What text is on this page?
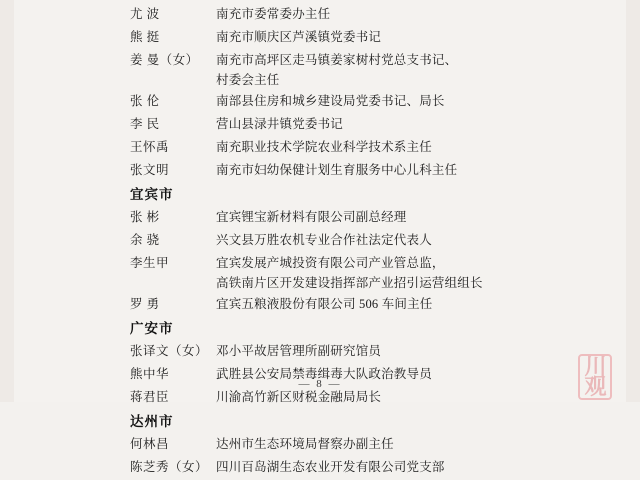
尤 波	南充市委常委办主任
熊 挺	南充市顺庆区芦溪镇党委书记
姜 曼（女）	南充市高坪区走马镇姜家树村党总支书记、
村委会主任
张 伦	南部县住房和城乡建设局党委书记、局长
李 民	营山县渌井镇党委书记
王怀禹	南充职业技术学院农业科学技术系主任
张文明	南充市妇幼保健计划生育服务中心儿科主任
宜宾市
张 彬	宜宾锂宝新材料有限公司副总经理
余 骁	兴文县万胜农机专业合作社法定代表人
李生甲	宜宾发展产城投资有限公司产业管总监，
高铁南片区开发建设指挥部产业招引运营组组长
罗 勇	宜宾五粮液股份有限公司 506 车间主任
广安市
张译文（女） 邓小平故居管理所副研究馆员
熊中华	武胜县公安局禁毒缉毒大队政治教导员
蒋君臣	川渝高竹新区财税金融局局长
达州市
何林昌	达州市生态环境局督察办副主任
陈芝秀（女） 四川百岛湖生态农业开发有限公司党支部
— 8 —
川
观
